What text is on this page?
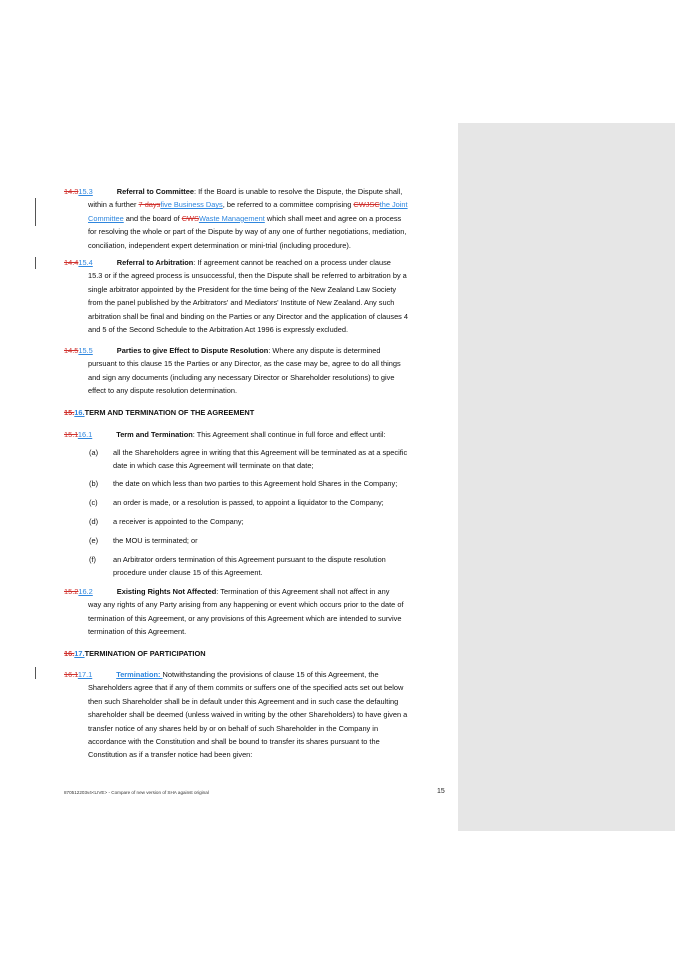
14.315.3	Referral to Committee: If the Board is unable to resolve the Dispute, the Dispute shall,
within a further 7 daysfive Business Days, be referred to a committee comprising CWJSCthe Joint
Committee and the board of CWSWaste Management which shall meet and agree on a process
for resolving the whole or part of the Dispute by way of any one of further negotiations, mediation,
conciliation, independent expert determination or mini-trial (including procedure).
14.415.4	Referral to Arbitration: If agreement cannot be reached on a process under clause
15.3 or if the agreed process is unsuccessful, then the Dispute shall be referred to arbitration by a
single arbitrator appointed by the President for the time being of the New Zealand Law Society
from the panel published by the Arbitrators' and Mediators' Institute of New Zealand. Any such
arbitration shall be final and binding on the Parties or any Director and the application of clauses 4
and 5 of the Second Schedule to the Arbitration Act 1996 is expressly excluded.
14.515.5	Parties to give Effect to Dispute Resolution: Where any dispute is determined
pursuant to this clause 15 the Parties or any Director, as the case may be, agree to do all things
and sign any documents (including any necessary Director or Shareholder resolutions) to give
effect to any dispute resolution determination.
15.16.TERM AND TERMINATION OF THE AGREEMENT
15.116.1	Term and Termination: This Agreement shall continue in full force and effect until:
(a) all the Shareholders agree in writing that this Agreement will be terminated as at a specific
date in which case this Agreement will terminate on that date;
(b) the date on which less than two parties to this Agreement hold Shares in the Company;
(c) an order is made, or a resolution is passed, to appoint a liquidator to the Company;
(d) a receiver is appointed to the Company;
(e) the MOU is terminated; or
(f) an Arbitrator orders termination of this Agreement pursuant to the dispute resolution
procedure under clause 15 of this Agreement.
15.216.2	Existing Rights Not Affected: Termination of this Agreement shall not affect in any
way any rights of any Party arising from any happening or event which occurs prior to the date of
termination of this Agreement, or any provisions of this Agreement which are intended to survive
termination of this Agreement.
16.17.TERMINATION OF PARTICIPATION
16.117.1	Termination: Notwithstanding the provisions of clause 15 of this Agreement, the
Shareholders agree that if any of them commits or suffers one of the specified acts set out below
then such Shareholder shall be in default under this Agreement and in such case the defaulting
shareholder shall be deemed (unless waived in writing by the other Shareholders) to have given a
transfer notice of any shares held by or on behalf of such Shareholder in the Company in
accordance with the Constitution and shall be bound to transfer its shares pursuant to the
Constitution as if a transfer notice had been given:
870512203v4<LIVE> - Compare of new version of SHA against original	15
